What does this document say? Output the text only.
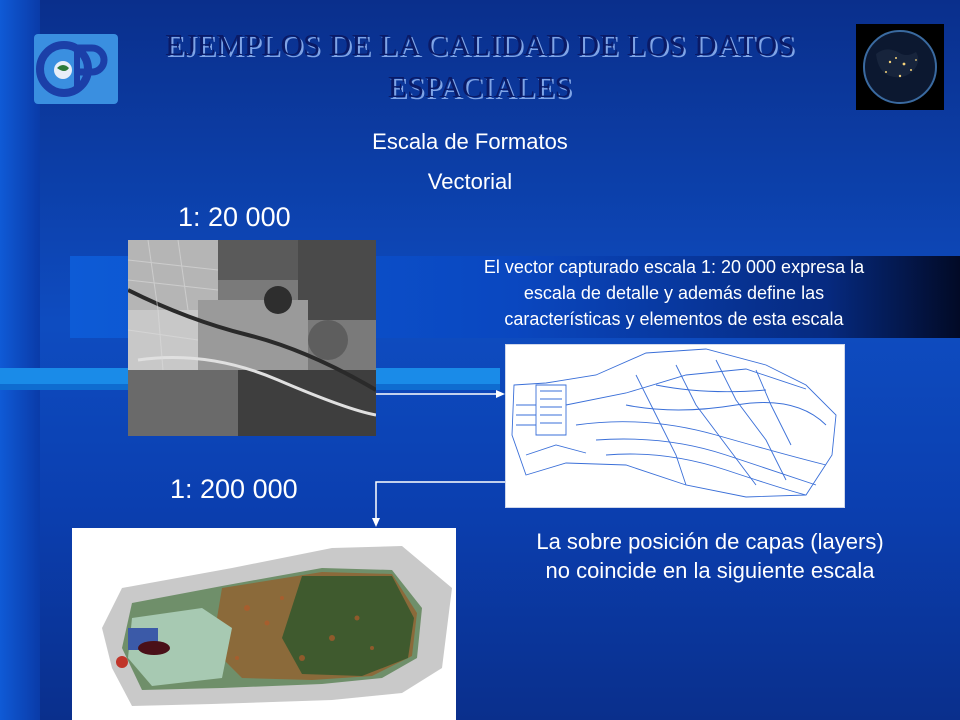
EJEMPLOS DE LA CALIDAD DE LOS DATOS
ESPACIALES
Escala de Formatos
Vectorial
1: 20 000
1: 200 000
El vector capturado escala 1: 20 000 expresa la
escala de detalle y además define las
características y elementos de esta escala
La sobre posición de capas (layers)
no coincide en la siguiente escala
